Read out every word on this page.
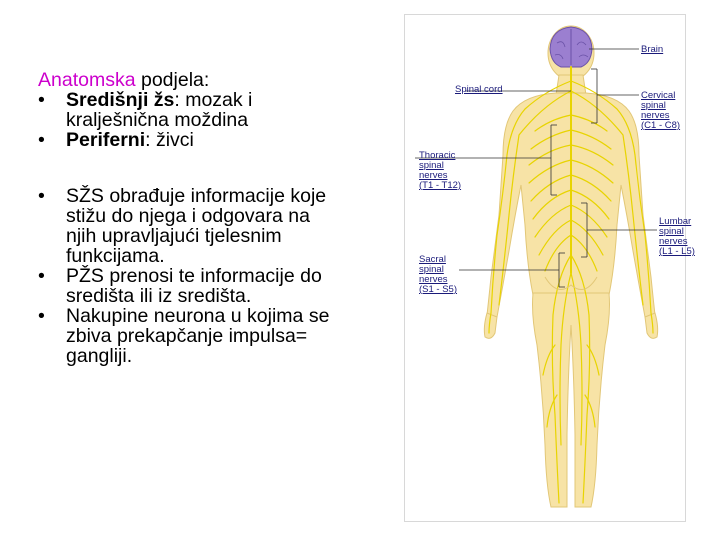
Anatomska podjela:
• Središnji žs: mozak i
kralješnična moždina
• Periferni: živci
• SŽS obrađuje informacije koje
stižu do njega i odgovara na
njih upravljajući tjelesnim
funkcijama.
• PŽS prenosi te informacije do
središta ili iz središta.
• Nakupine neurona u kojima se
zbiva prekapčanje impulsa=
gangliji.
Brain
Spinal cord
Cervical
spinal
nerves
(C1 - C8)
Thoracic
spinal
nerves
(T1 - T12)
Lumbar
spinal
nerves
(L1 - L5)
Sacral
spinal
nerves
(S1 - S5)
